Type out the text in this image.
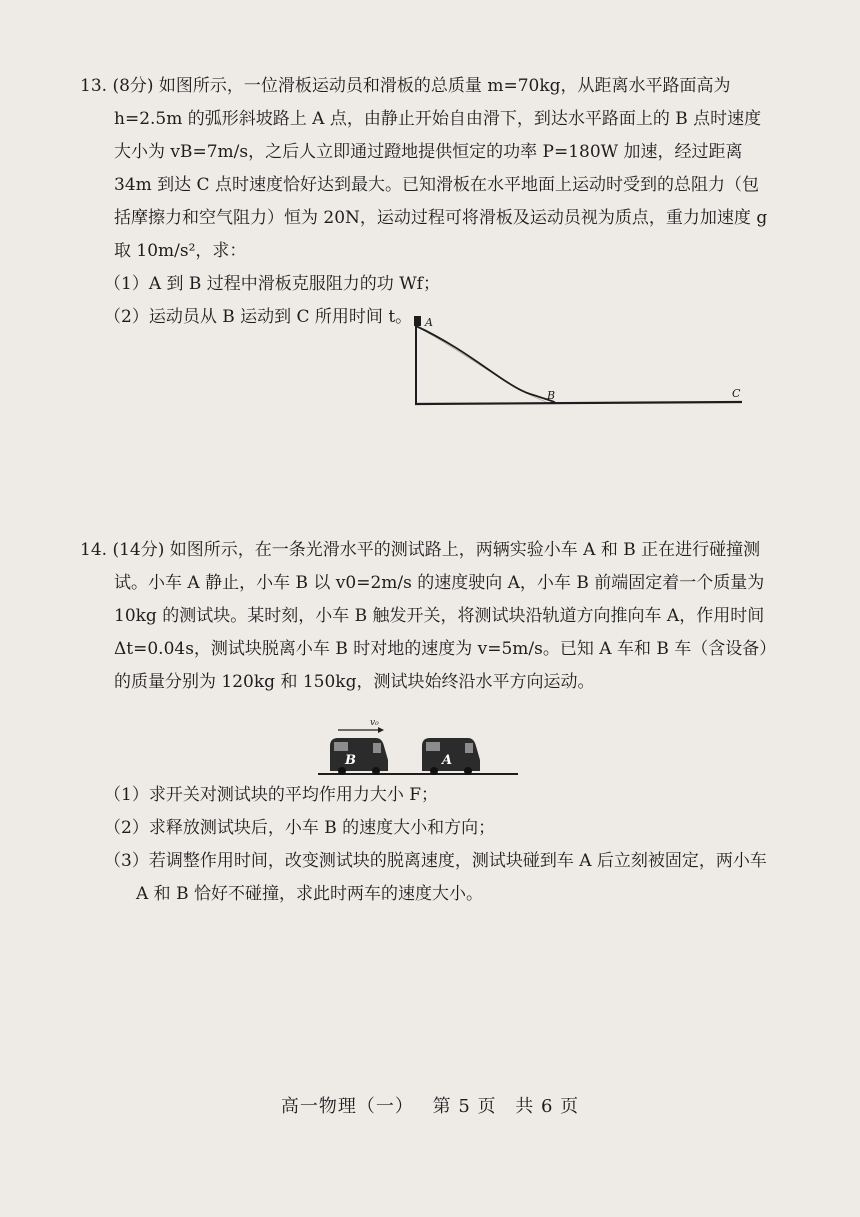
13. (8分) 如图所示，一位滑板运动员和滑板的总质量 m=70kg，从距离水平路面高为 h=2.5m 的弧形斜坡路上 A 点，由静止开始自由滑下，到达水平路面上的 B 点时速度大小为 vB=7m/s，之后人立即通过蹬地提供恒定的功率 P=180W 加速，经过距离 34m 到达 C 点时速度恰好达到最大。已知滑板在水平地面上运动时受到的总阻力（包括摩擦力和空气阻力）恒为 20N，运动过程可将滑板及运动员视为质点，重力加速度 g 取 10m/s²，求：

（1）A 到 B 过程中滑板克服阻力的功 Wf；

（2）运动员从 B 运动到 C 所用时间 t。	A
B	C

14. (14分) 如图所示，在一条光滑水平的测试路上，两辆实验小车 A 和 B 正在进行碰撞测试。小车 A 静止，小车 B 以 v0=2m/s 的速度驶向 A，小车 B 前端固定着一个质量为 10kg 的测试块。某时刻，小车 B 触发开关，将测试块沿轨道方向推向车 A，作用时间 Δt=0.04s，测试块脱离小车 B 时对地的速度为 v=5m/s。已知 A 车和 B 车（含设备）的质量分别为 120kg 和 150kg，测试块始终沿水平方向运动。

（1）求开关对测试块的平均作用力大小 F；

（2）求释放测试块后，小车 B 的速度大小和方向；

（3）若调整作用时间，改变测试块的脱离速度，测试块碰到车 A 后立刻被固定，两小车 A 和 B 恰好不碰撞，求此时两车的速度大小。

v₀
B	A
高一物理（一） 第 5 页 共 6 页
